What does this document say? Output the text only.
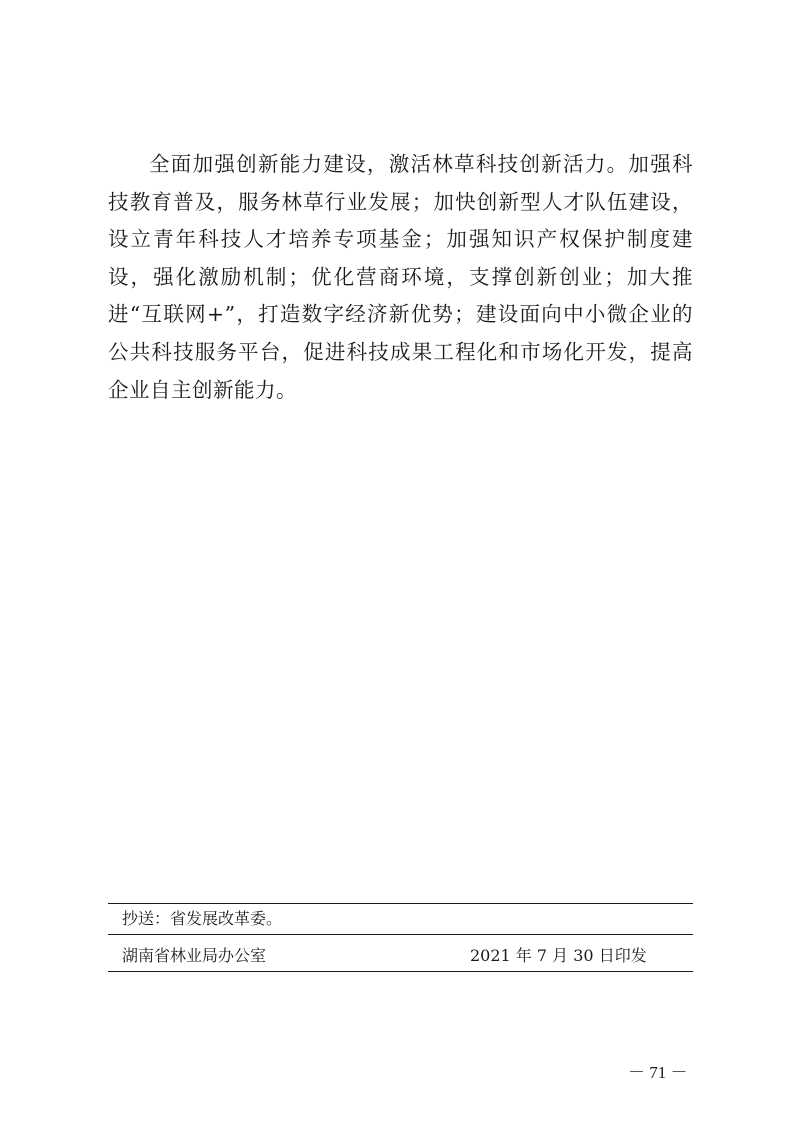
全面加强创新能力建设，激活林草科技创新活力。加强科技教育普及，服务林草行业发展；加快创新型人才队伍建设，设立青年科技人才培养专项基金；加强知识产权保护制度建设，强化激励机制；优化营商环境，支撑创新创业；加大推进“互联网+”，打造数字经济新优势；建设面向中小微企业的公共科技服务平台，促进科技成果工程化和市场化开发，提高企业自主创新能力。

抄送：省发展改革委。
湖南省林业局办公室	2021 年 7 月 30 日印发
－ 71 －
